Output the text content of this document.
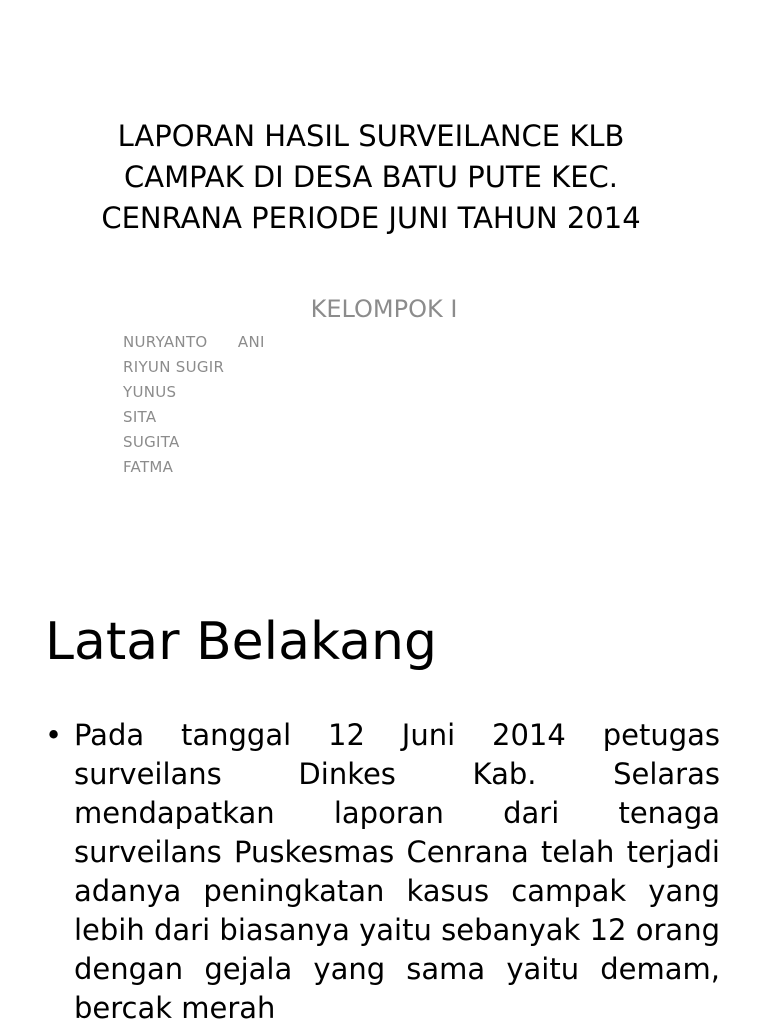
LAPORAN HASIL SURVEILANCE KLB
CAMPAK DI DESA BATU PUTE KEC.
CENRANA PERIODE JUNI TAHUN 2014
KELOMPOK I
NURYANTO      ANI
RIYUN SUGIR
YUNUS
SITA
SUGITA
FATMA
Latar Belakang
• Pada tanggal 12 Juni 2014 petugas surveilans Dinkes Kab. Selaras mendapatkan laporan dari tenaga surveilans Puskesmas Cenrana telah terjadi adanya peningkatan kasus campak yang lebih dari biasanya yaitu sebanyak 12 orang dengan gejala yang sama yaitu demam, bercak merah
